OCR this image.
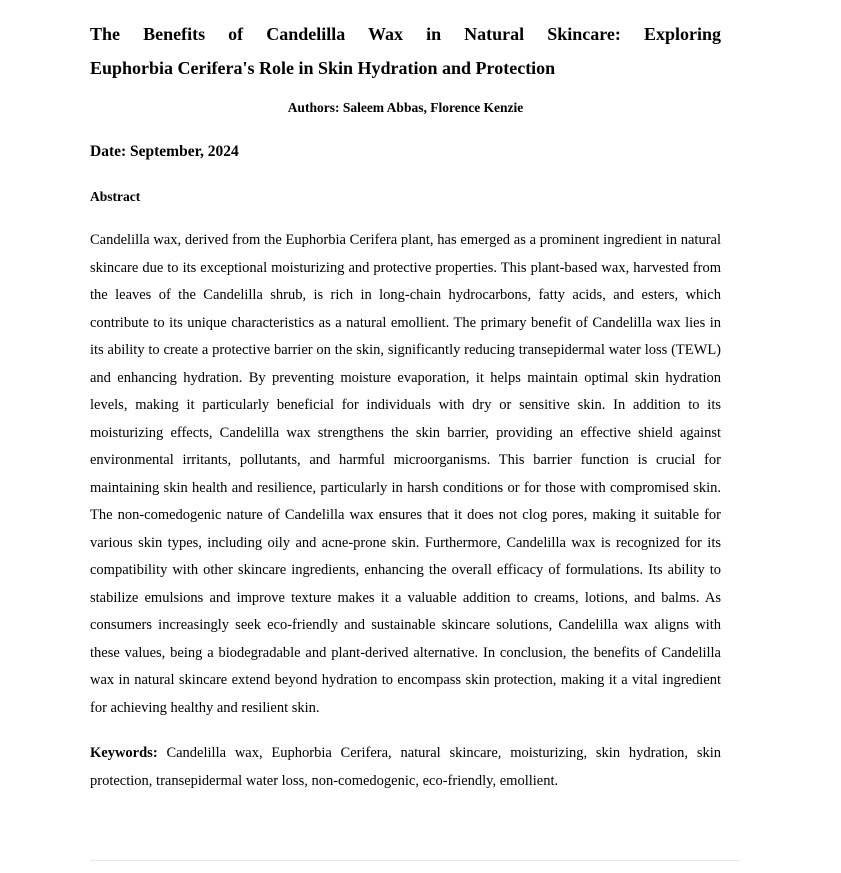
The Benefits of Candelilla Wax in Natural Skincare: Exploring
Euphorbia Cerifera's Role in Skin Hydration and Protection
Authors: Saleem Abbas, Florence Kenzie
Date: September, 2024
Abstract

Candelilla wax, derived from the Euphorbia Cerifera plant, has emerged as a prominent ingredient in natural skincare due to its exceptional moisturizing and protective properties. This plant-based wax, harvested from the leaves of the Candelilla shrub, is rich in long-chain hydrocarbons, fatty acids, and esters, which contribute to its unique characteristics as a natural emollient. The primary benefit of Candelilla wax lies in its ability to create a protective barrier on the skin, significantly reducing transepidermal water loss (TEWL) and enhancing hydration. By preventing moisture evaporation, it helps maintain optimal skin hydration levels, making it particularly beneficial for individuals with dry or sensitive skin. In addition to its moisturizing effects, Candelilla wax strengthens the skin barrier, providing an effective shield against environmental irritants, pollutants, and harmful microorganisms. This barrier function is crucial for maintaining skin health and resilience, particularly in harsh conditions or for those with compromised skin. The non-comedogenic nature of Candelilla wax ensures that it does not clog pores, making it suitable for various skin types, including oily and acne-prone skin. Furthermore, Candelilla wax is recognized for its compatibility with other skincare ingredients, enhancing the overall efficacy of formulations. Its ability to stabilize emulsions and improve texture makes it a valuable addition to creams, lotions, and balms. As consumers increasingly seek eco-friendly and sustainable skincare solutions, Candelilla wax aligns with these values, being a biodegradable and plant-derived alternative. In conclusion, the benefits of Candelilla wax in natural skincare extend beyond hydration to encompass skin protection, making it a vital ingredient for achieving healthy and resilient skin.

Keywords: Candelilla wax, Euphorbia Cerifera, natural skincare, moisturizing, skin hydration, skin protection, transepidermal water loss, non-comedogenic, eco-friendly, emollient.
